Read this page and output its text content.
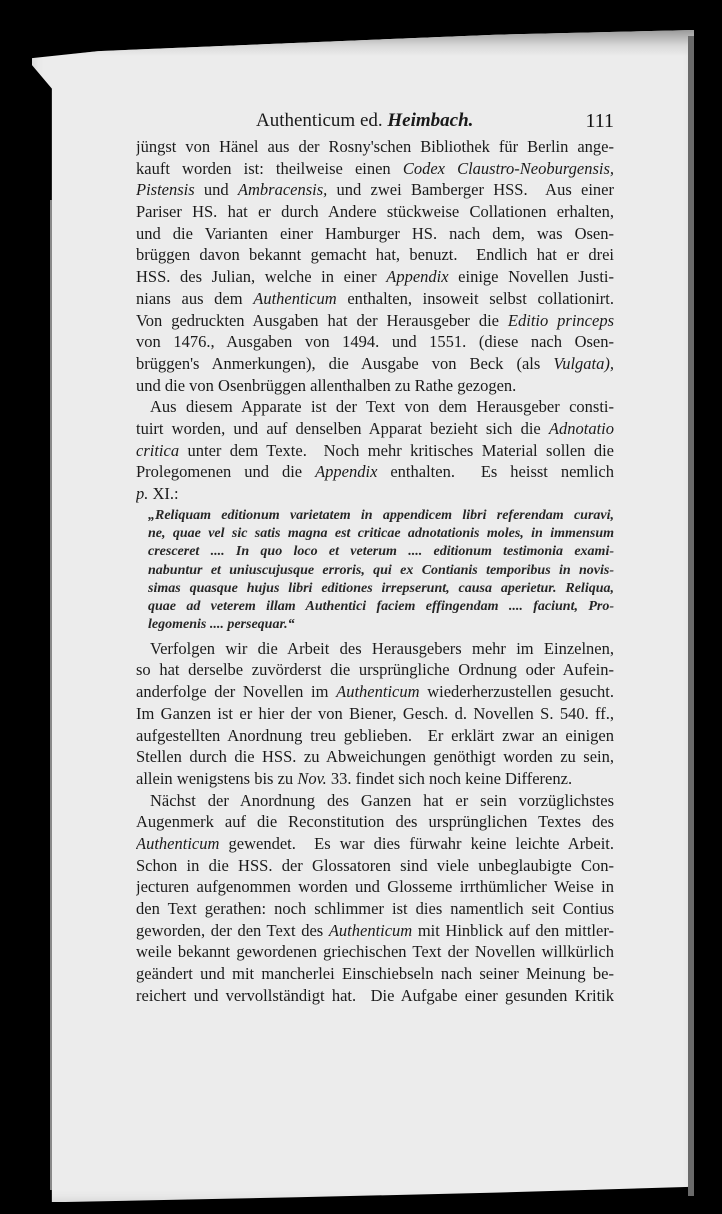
Authenticum ed. Heimbach.	111
jüngst von Hänel aus der Rosny'schen Bibliothek für Berlin ange-
kauft worden ist: theilweise einen Codex Claustro-Neoburgensis,
Pistensis und Ambracensis, und zwei Bamberger HSS.  Aus einer
Pariser HS. hat er durch Andere stückweise Collationen erhalten,
und die Varianten einer Hamburger HS. nach dem, was Osen-
brüggen davon bekannt gemacht hat, benuzt.  Endlich hat er drei
HSS. des Julian, welche in einer Appendix einige Novellen Justi-
nians aus dem Authenticum enthalten, insoweit selbst collationirt.
Von gedruckten Ausgaben hat der Herausgeber die Editio princeps
von 1476., Ausgaben von 1494. und 1551. (diese nach Osen-
brüggen's Anmerkungen), die Ausgabe von Beck (als Vulgata),
und die von Osenbrüggen allenthalben zu Rathe gezogen.
Aus diesem Apparate ist der Text von dem Herausgeber consti-
tuirt worden, und auf denselben Apparat bezieht sich die Adnotatio
critica unter dem Texte.  Noch mehr kritisches Material sollen die
Prolegomenen und die Appendix enthalten.  Es heisst nemlich
p. XI.:
„Reliquam editionum varietatem in appendicem libri referendam curavi,
ne, quae vel sic satis magna est criticae adnotationis moles, in immensum
cresceret .... In quo loco et veterum .... editionum testimonia exami-
nabuntur et uniuscujusque erroris, qui ex Contianis temporibus in novis-
simas quasque hujus libri editiones irrepserunt, causa aperietur. Reliqua,
quae ad veterem illam Authentici faciem effingendam .... faciunt, Pro-
legomenis .... persequar.“
Verfolgen wir die Arbeit des Herausgebers mehr im Einzelnen,
so hat derselbe zuvörderst die ursprüngliche Ordnung oder Aufein-
anderfolge der Novellen im Authenticum wiederherzustellen gesucht.
Im Ganzen ist er hier der von Biener, Gesch. d. Novellen S. 540. ff.,
aufgestellten Anordnung treu geblieben.  Er erklärt zwar an einigen
Stellen durch die HSS. zu Abweichungen genöthigt worden zu sein,
allein wenigstens bis zu Nov. 33. findet sich noch keine Differenz.
Nächst der Anordnung des Ganzen hat er sein vorzüglichstes
Augenmerk auf die Reconstitution des ursprünglichen Textes des
Authenticum gewendet.  Es war dies fürwahr keine leichte Arbeit.
Schon in die HSS. der Glossatoren sind viele unbeglaubigte Con-
jecturen aufgenommen worden und Glosseme irrthümlicher Weise in
den Text gerathen: noch schlimmer ist dies namentlich seit Contius
geworden, der den Text des Authenticum mit Hinblick auf den mittler-
weile bekannt gewordenen griechischen Text der Novellen willkürlich
geändert und mit mancherlei Einschiebseln nach seiner Meinung be-
reichert und vervollständigt hat.  Die Aufgabe einer gesunden Kritik
